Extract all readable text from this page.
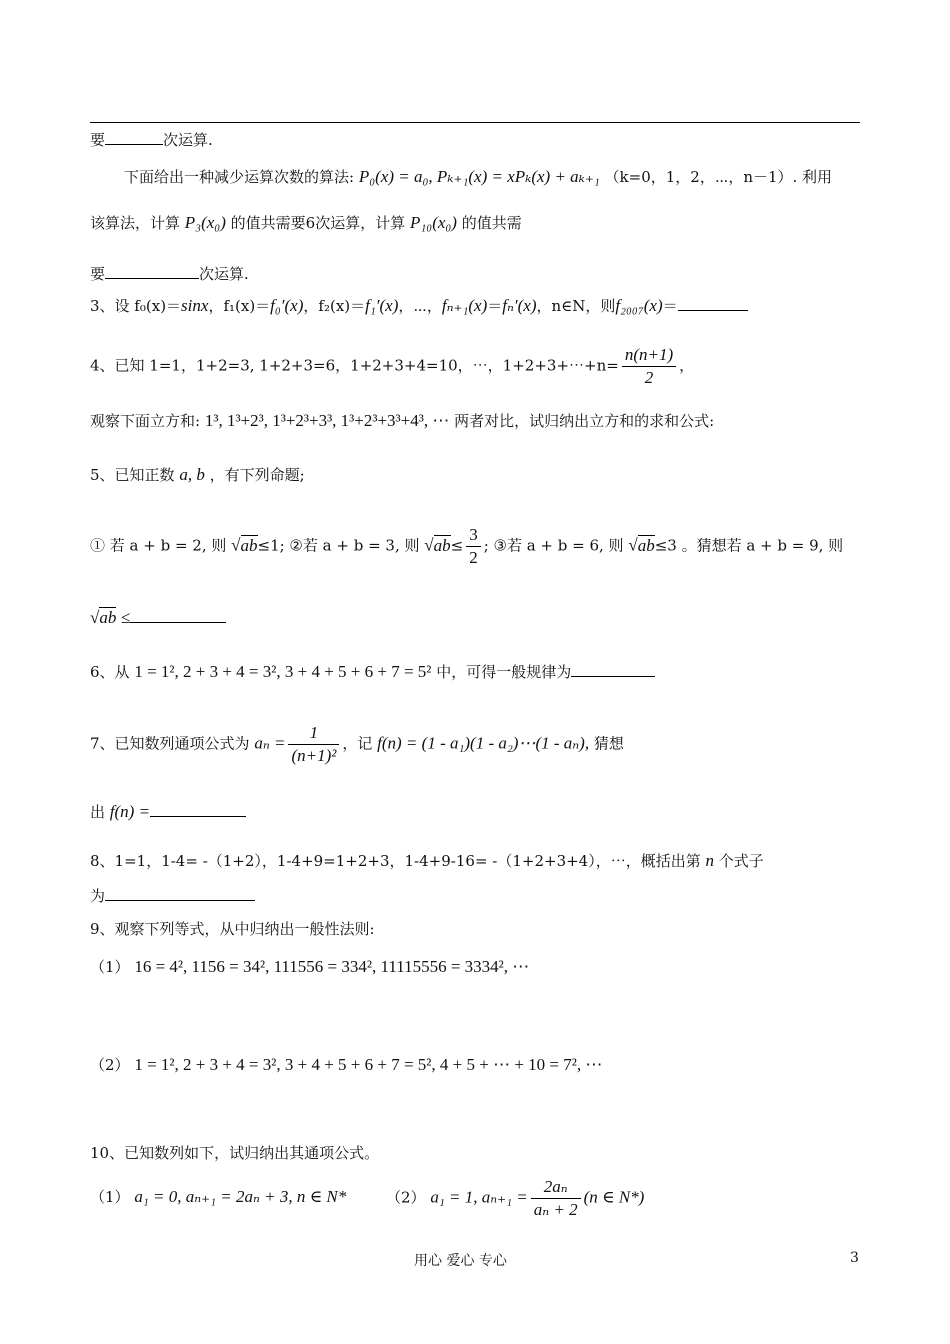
要	次运算.
下面给出一种减少运算次数的算法: P₀(x) = a₀, Pₖ₊₁(x) = xPₖ(x) + aₖ₊₁ （k=0，1，2，⋯，n－1）. 利用
该算法，计算 P₃(x₀) 的值共需要6次运算，计算 P₁₀(x₀) 的值共需
要	次运算.
3、设 f₀(x)＝sinx，f₁(x)＝f₀′(x)，f₂(x)＝f₁′(x)，⋯，fₙ₊₁(x)＝fₙ′(x)，n∈N，则f₂₀₀₇(x)＝
4、已知 1=1，1+2=3, 1+2+3=6，1+2+3+4=10，⋯，1+2+3+⋯+n= $\frac{n(n+1)}{2}$ ，
观察下面立方和: 1³, 1³+2³, 1³+2³+3³, 1³+2³+3³+4³, ⋯ 两者对比，试归纳出立方和的求和公式:
5、已知正数 a, b ，有下列命题;
① 若 a + b = 2, 则 √ab≤1; ②若 a + b = 3, 则 $√ab\le \frac{3}{2}$ ; ③若 a + b = 6, 则 √ab≤3 。猜想若 a + b = 9, 则
√ab ≤
6、从 1 = 1², 2 + 3 + 4 = 3², 3 + 4 + 5 + 6 + 7 = 5² 中，可得一般规律为
7、已知数列通项公式为 $a_n = \frac{1}{\text{(n+1)²}}$ ，记 f(n) = (1 - a₁)(1 - a₂)⋯(1 - aₙ), 猜想
出 f(n) =
8、1=1，1-4= -（1+2），1-4+9=1+2+3，1-4+9-16= -（1+2+3+4），⋯，概括出第 n 个式子
为
9、观察下列等式，从中归纳出一般性法则:
（1） 16 = 4², 1156 = 34², 111556 = 334², 11115556 = 3334², ⋯
（2） 1 = 1², 2 + 3 + 4 = 3², 3 + 4 + 5 + 6 + 7 = 5², 4 + 5 + ⋯ + 10 = 7², ⋯
10、已知数列如下，试归纳出其通项公式。
（1） a₁ = 0, aₙ₊₁ = 2aₙ + 3, n ∈ N*	（2） a₁ = 1, $a_{n+1} = \frac{\text{2aₙ}}{\text{aₙ + 2}} (n$ ∈ N*)
用心 爱心 专心	3
